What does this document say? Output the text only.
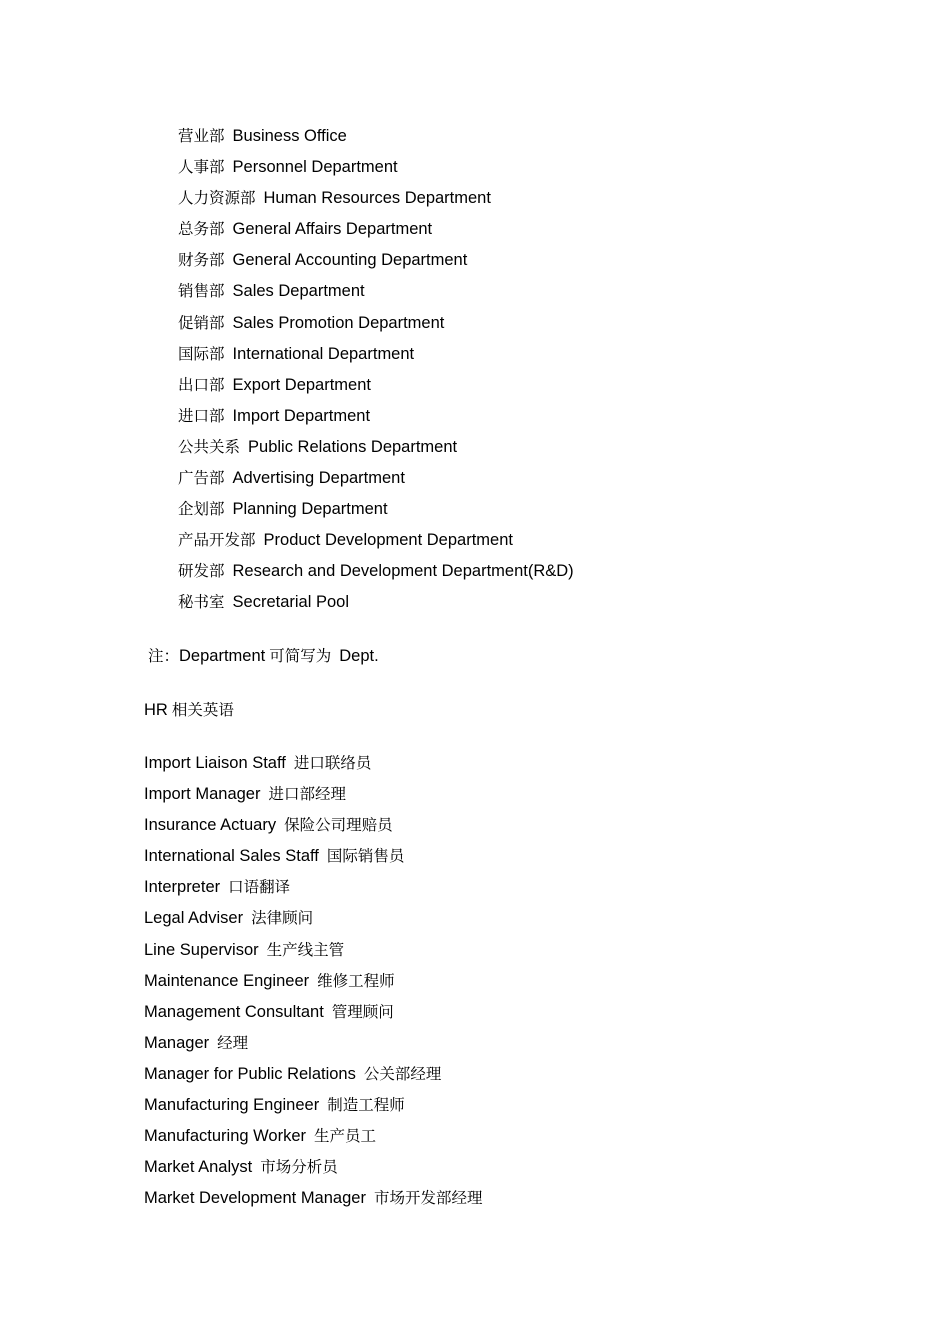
营业部 Business Office
人事部 Personnel Department
人力资源部 Human Resources Department
总务部 General Affairs Department
财务部 General Accounting Department
销售部 Sales Department
促销部 Sales Promotion Department
国际部 International Department
出口部 Export Department
进口部 Import Department
公共关系 Public Relations Department
广告部 Advertising Department
企划部 Planning Department
产品开发部 Product Development Department
研发部 Research and Development Department(R&D)
秘书室 Secretarial Pool
注：Department 可简写为 Dept.
HR 相关英语
Import Liaison Staff 进口联络员
Import Manager 进口部经理
Insurance Actuary 保险公司理赔员
International Sales Staff 国际销售员
Interpreter 口语翻译
Legal Adviser 法律顾问
Line Supervisor 生产线主管
Maintenance Engineer 维修工程师
Management Consultant 管理顾问
Manager 经理
Manager for Public Relations 公关部经理
Manufacturing Engineer 制造工程师
Manufacturing Worker 生产员工
Market Analyst 市场分析员
Market Development Manager 市场开发部经理
